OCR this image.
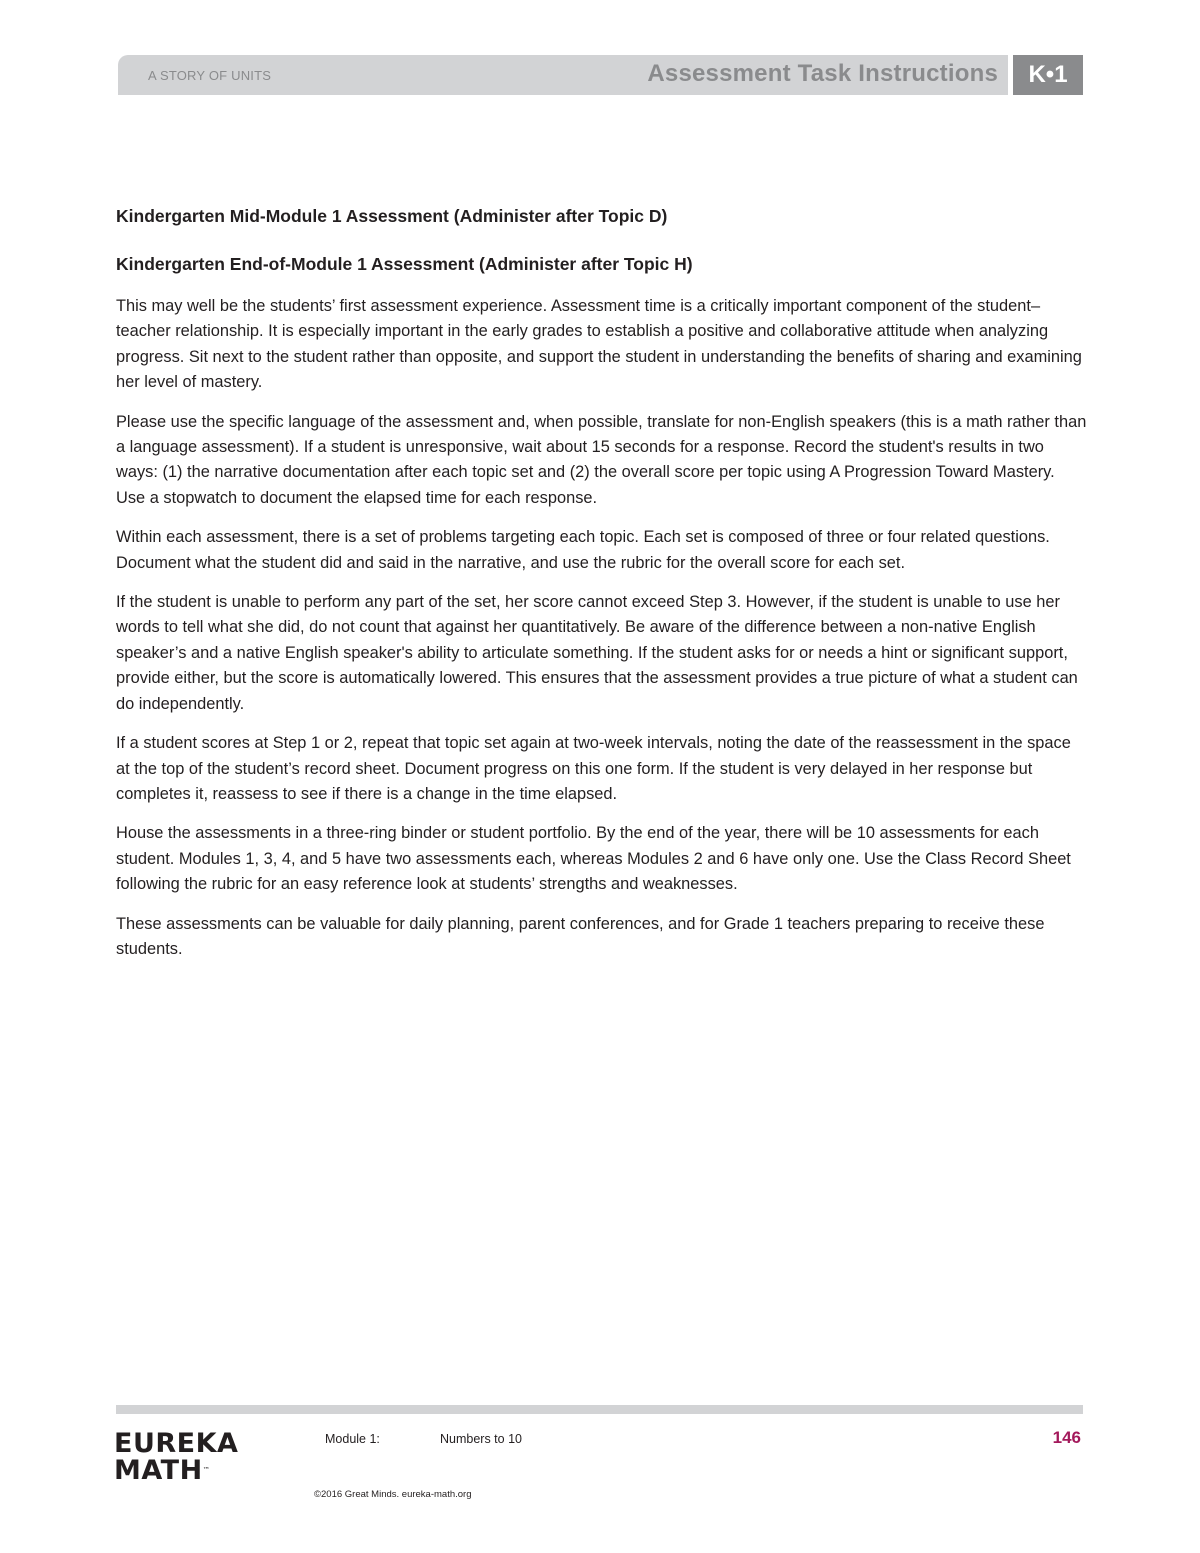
A STORY OF UNITS	Assessment Task Instructions	K•1
Kindergarten Mid-Module 1 Assessment (Administer after Topic D)
Kindergarten End-of-Module 1 Assessment (Administer after Topic H)

This may well be the students’ first assessment experience. Assessment time is a critically important component of the student–teacher relationship. It is especially important in the early grades to establish a positive and collaborative attitude when analyzing progress. Sit next to the student rather than opposite, and support the student in understanding the benefits of sharing and examining her level of mastery.

Please use the specific language of the assessment and, when possible, translate for non-English speakers (this is a math rather than a language assessment). If a student is unresponsive, wait about 15 seconds for a response. Record the student's results in two ways: (1) the narrative documentation after each topic set and (2) the overall score per topic using A Progression Toward Mastery. Use a stopwatch to document the elapsed time for each response.

Within each assessment, there is a set of problems targeting each topic. Each set is composed of three or four related questions. Document what the student did and said in the narrative, and use the rubric for the overall score for each set.

If the student is unable to perform any part of the set, her score cannot exceed Step 3. However, if the student is unable to use her words to tell what she did, do not count that against her quantitatively. Be aware of the difference between a non-native English speaker’s and a native English speaker's ability to articulate something. If the student asks for or needs a hint or significant support, provide either, but the score is automatically lowered. This ensures that the assessment provides a true picture of what a student can do independently.

If a student scores at Step 1 or 2, repeat that topic set again at two-week intervals, noting the date of the reassessment in the space at the top of the student’s record sheet. Document progress on this one form. If the student is very delayed in her response but completes it, reassess to see if there is a change in the time elapsed.

House the assessments in a three-ring binder or student portfolio. By the end of the year, there will be 10 assessments for each student. Modules 1, 3, 4, and 5 have two assessments each, whereas Modules 2 and 6 have only one. Use the Class Record Sheet following the rubric for an easy reference look at students’ strengths and weaknesses.

These assessments can be valuable for daily planning, parent conferences, and for Grade 1 teachers preparing to receive these students.

EUREKA
MATH™
Module 1:	Numbers to 10	146
©2016 Great Minds. eureka-math.org
